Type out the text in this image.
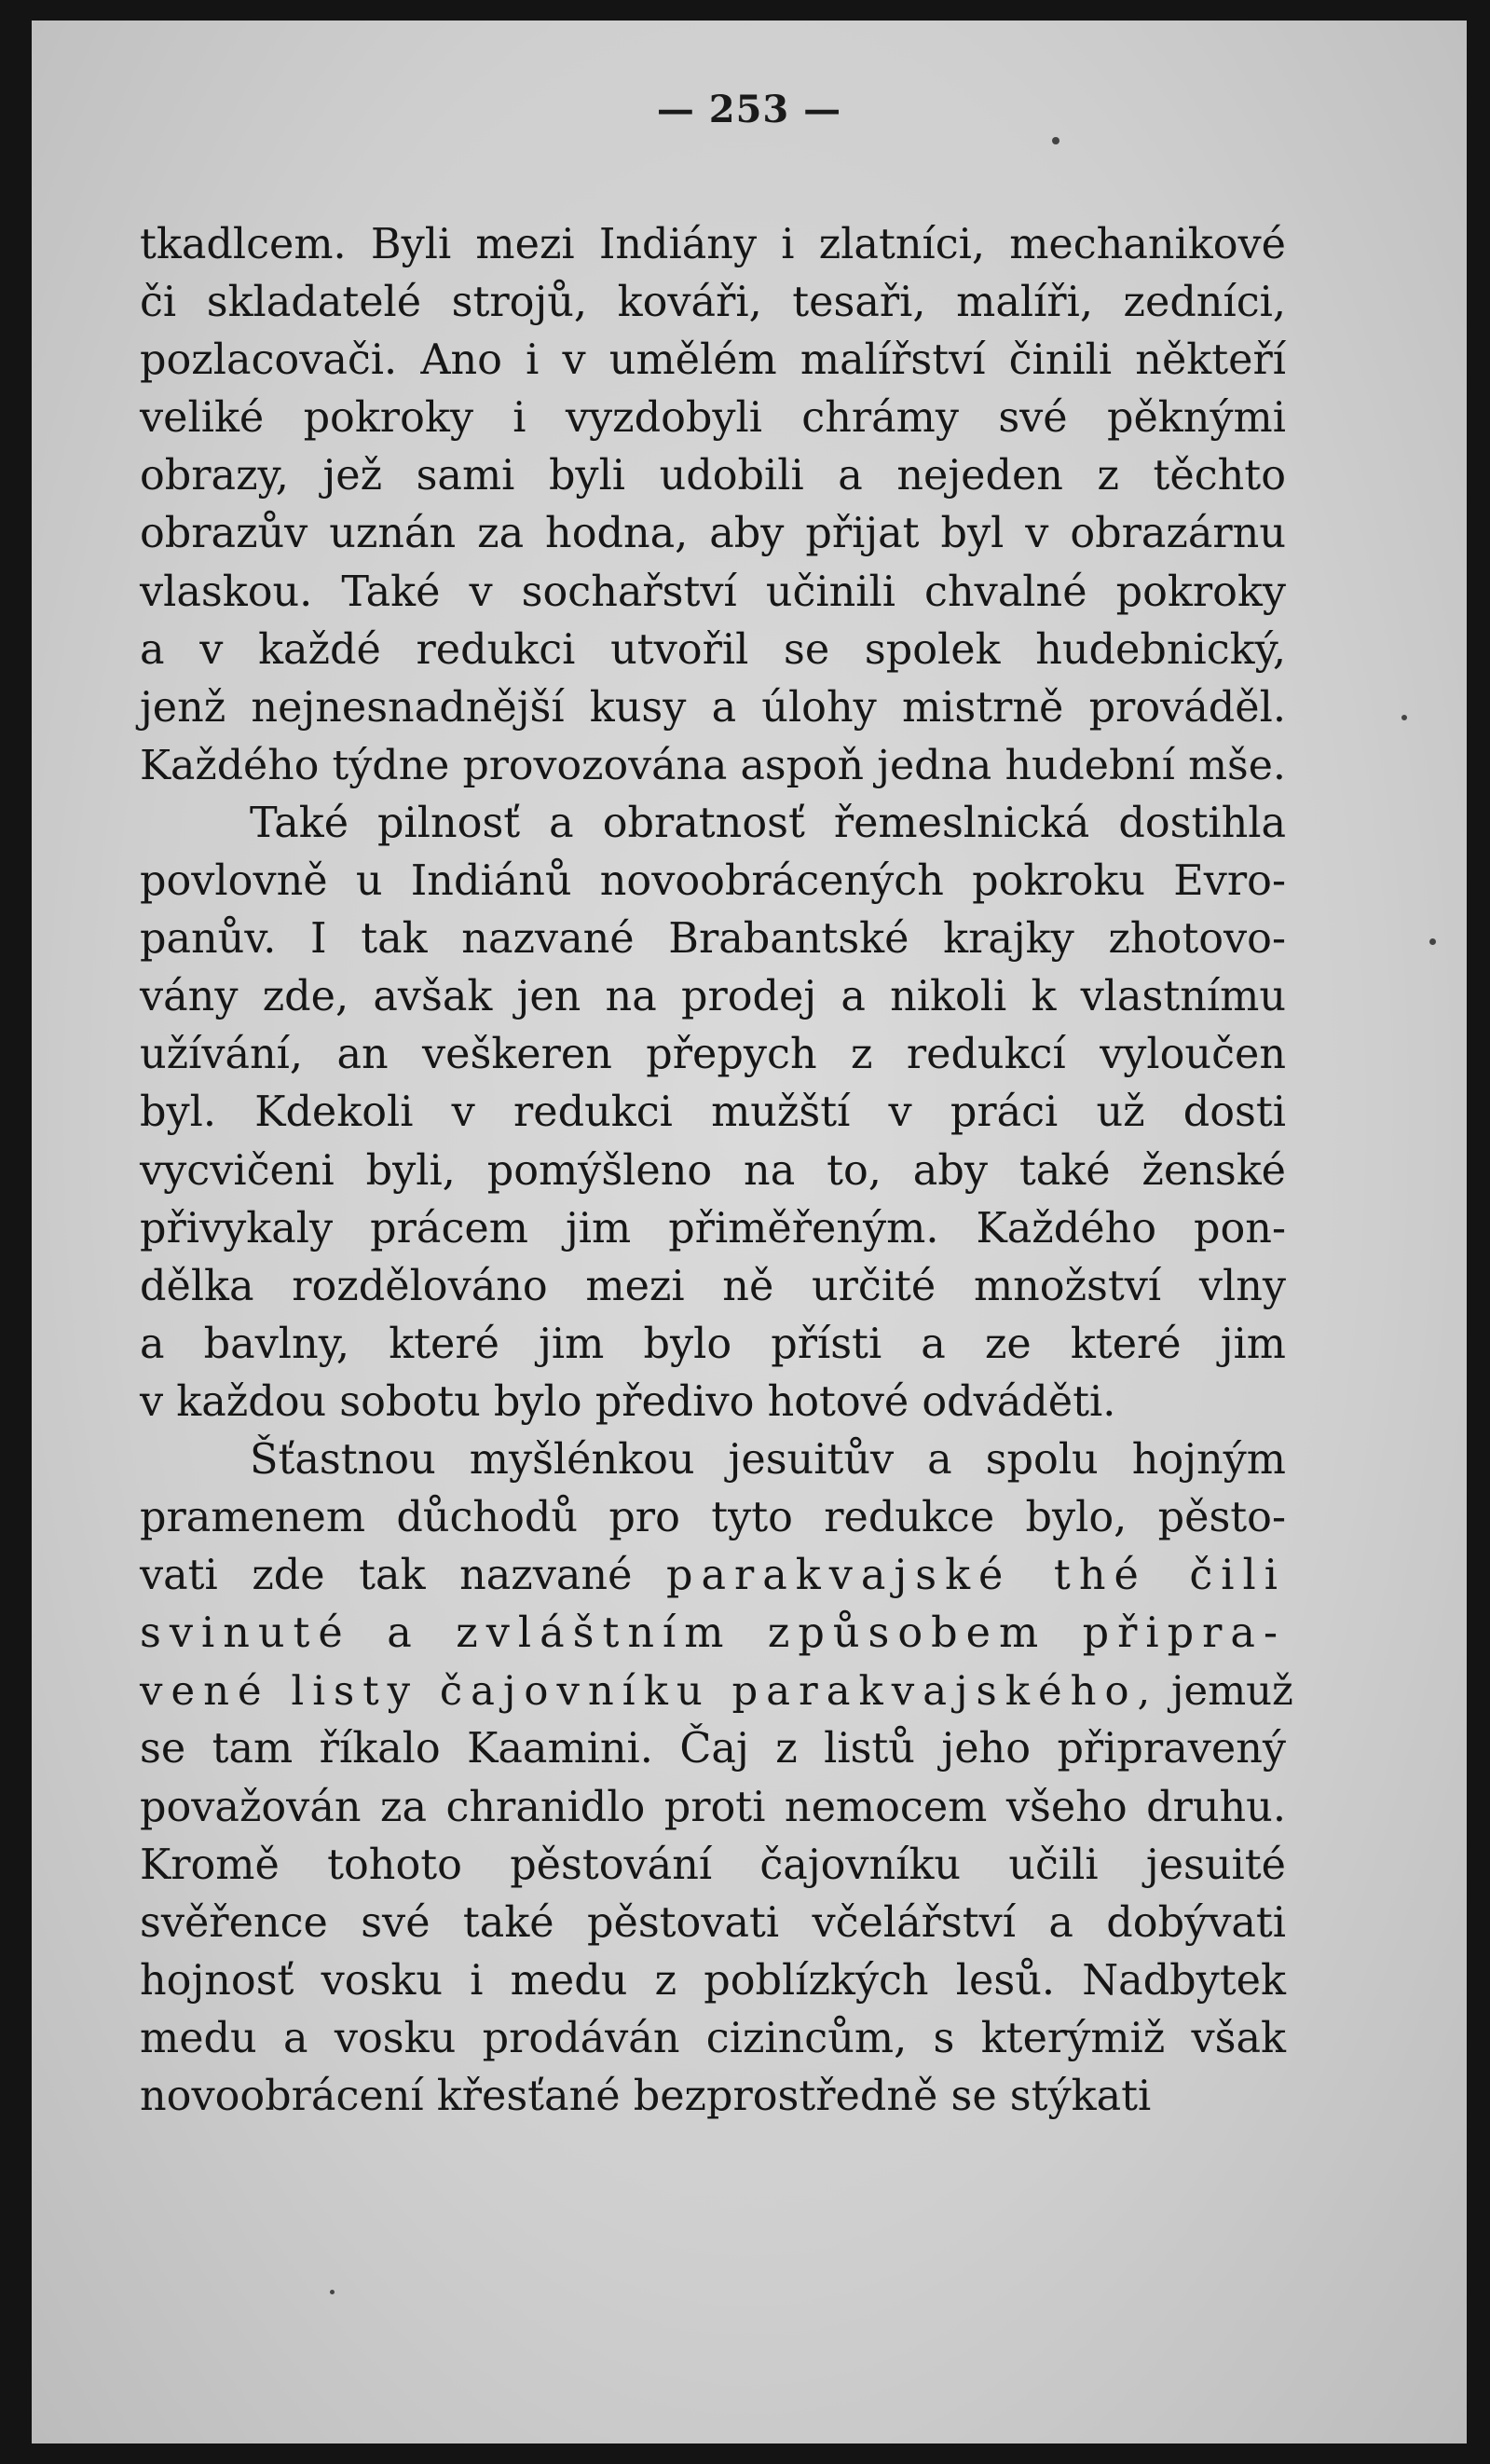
— 253 —
tkadlcem. Byli mezi Indiány i zlatníci, mechanikové
či skladatelé strojů, kováři, tesaři, malíři, zedníci,
pozlacovači. Ano i v umělém malířství činili někteří
veliké pokroky i vyzdobyli chrámy své pěknými
obrazy, jež sami byli udobili a nejeden z těchto
obrazův uznán za hodna, aby přijat byl v obrazárnu
vlaskou. Také v sochařství učinili chvalné pokroky
a v každé redukci utvořil se spolek hudebnický,
jenž nejnesnadnější kusy a úlohy mistrně prováděl.
Každého týdne provozována aspoň jedna hudební mše.
Také pilnosť a obratnosť řemeslnická dostihla
povlovně u Indiánů novoobrácených pokroku Evro-
panův. I tak nazvané Brabantské krajky zhotovo-
vány zde, avšak jen na prodej a nikoli k vlastnímu
užívání, an veškeren přepych z redukcí vyloučen
byl. Kdekoli v redukci mužští v práci už dosti
vycvičeni byli, pomýšleno na to, aby také ženské
přivykaly prácem jim přiměřeným. Každého pon-
dělka rozdělováno mezi ně určité množství vlny
a bavlny, které jim bylo přísti a ze které jim
v každou sobotu bylo předivo hotové odváděti.
Šťastnou myšlénkou jesuitův a spolu hojným
pramenem důchodů pro tyto redukce bylo, pěsto-
vati zde tak nazvané parakvajské thé čili
svinuté a zvláštním způsobem připra-
vené listy čajovníku parakvajského, jemuž
se tam říkalo Kaamini. Čaj z listů jeho připravený
považován za chranidlo proti nemocem všeho druhu.
Kromě tohoto pěstování čajovníku učili jesuité
svěřence své také pěstovati včelářství a dobývati
hojnosť vosku i medu z poblízkých lesů. Nadbytek
medu a vosku prodáván cizincům, s kterýmiž však
novoobrácení křesťané bezprostředně se stýkati
